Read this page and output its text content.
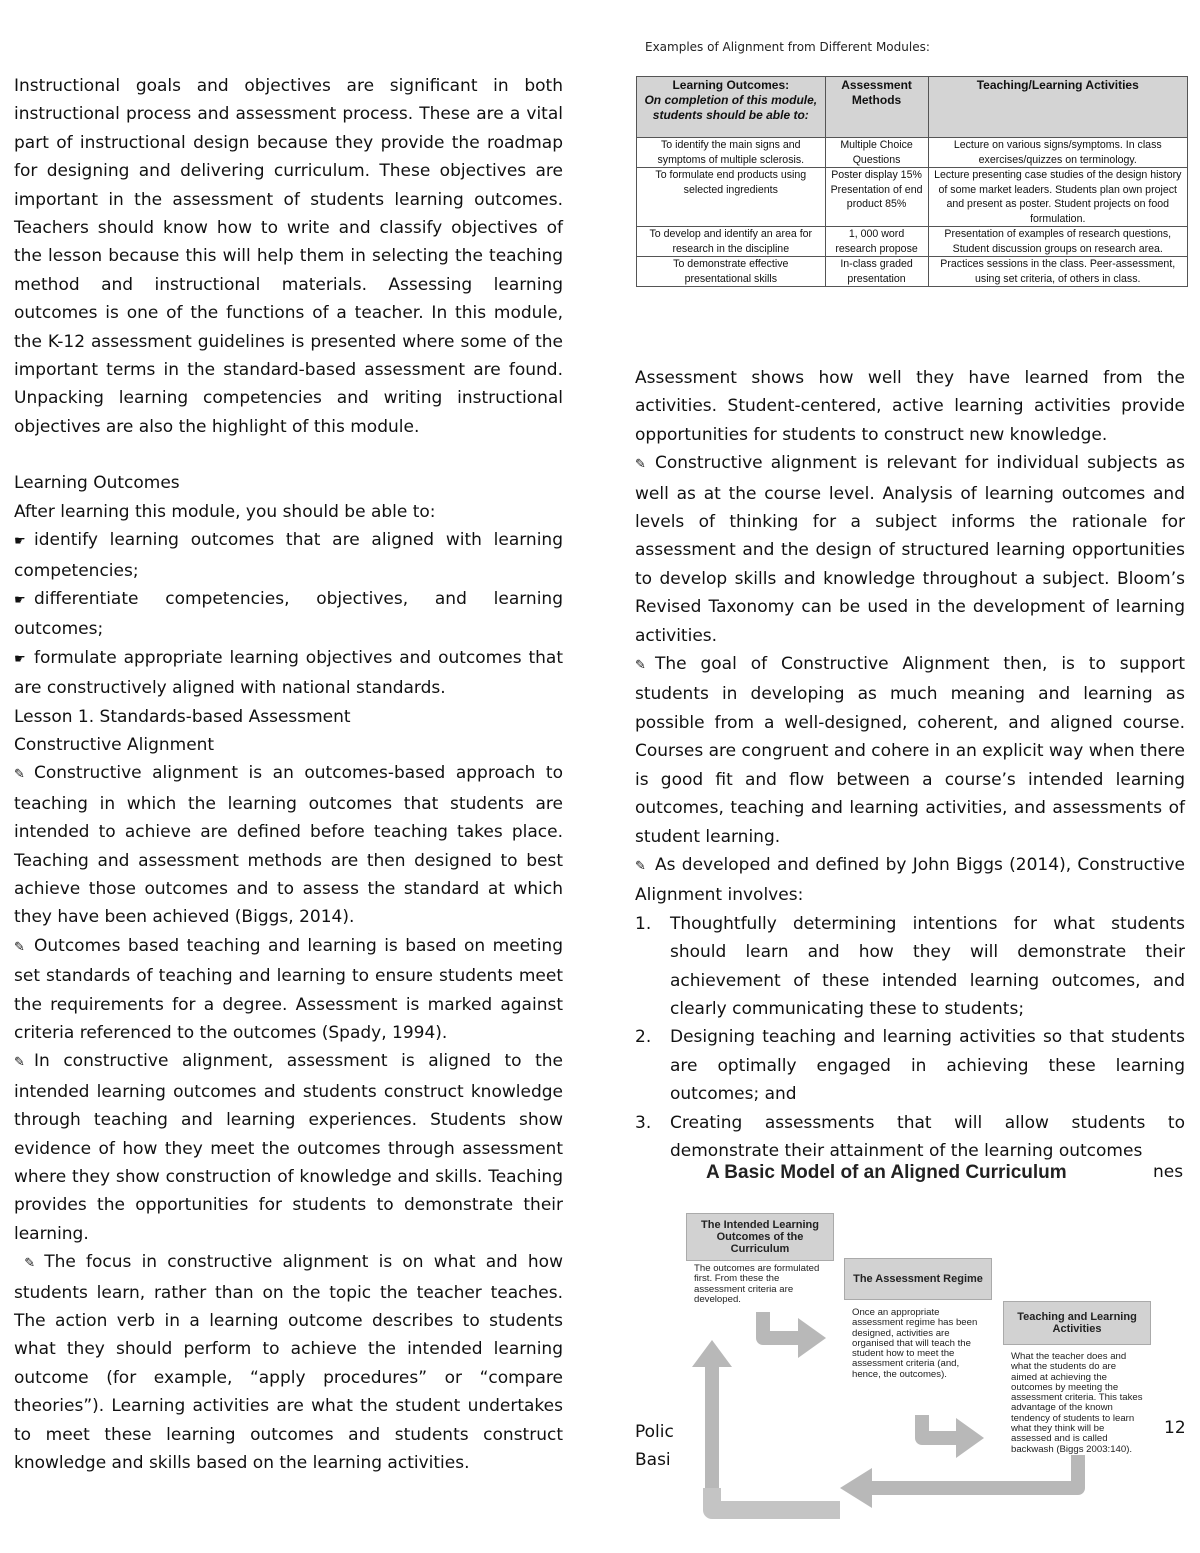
Instructional goals and objectives are significant in both instructional process and assessment process. These are a vital part of instructional design because they provide the roadmap for designing and delivering curriculum. These objectives are important in the assessment of students learning outcomes. Teachers should know how to write and classify objectives of the lesson because this will help them in selecting the teaching method and instructional materials. Assessing learning outcomes is one of the functions of a teacher. In this module, the K-12 assessment guidelines is presented where some of the important terms in the standard-based assessment are found. Unpacking learning competencies and writing instructional objectives are also the highlight of this module.

Learning Outcomes

After learning this module, you should be able to:

☛ identify learning outcomes that are aligned with learning competencies;

☛ differentiate competencies, objectives, and learning outcomes;

☛ formulate appropriate learning objectives and outcomes that are constructively aligned with national standards.

Lesson 1. Standards-based Assessment

Constructive Alignment

✎ Constructive alignment is an outcomes-based approach to teaching in which the learning outcomes that students are intended to achieve are defined before teaching takes place. Teaching and assessment methods are then designed to best achieve those outcomes and to assess the standard at which they have been achieved (Biggs, 2014).

✎ Outcomes based teaching and learning is based on meeting set standards of teaching and learning to ensure students meet the requirements for a degree. Assessment is marked against criteria referenced to the outcomes (Spady, 1994).

✎ In constructive alignment, assessment is aligned to the intended learning outcomes and students construct knowledge through teaching and learning experiences. Students show evidence of how they meet the outcomes through assessment where they show construction of knowledge and skills. Teaching provides the opportunities for students to demonstrate their learning.

✎ The focus in constructive alignment is on what and how students learn, rather than on the topic the teacher teaches. The action verb in a learning outcome describes to students what they should perform to achieve the intended learning outcome (for example, “apply procedures” or “compare theories”). Learning activities are what the student undertakes to meet these learning outcomes and students construct knowledge and skills based on the learning activities.

Examples of Alignment from Different Modules:
Learning Outcomes:
On completion of this module, students should be able to:	Assessment Methods	Teaching/Learning Activities
To identify the main signs and symptoms of multiple sclerosis.	Multiple Choice Questions	Lecture on various signs/symptoms. In class exercises/quizzes on terminology.
To formulate end products using selected ingredients	Poster display 15% Presentation of end product 85%	Lecture presenting case studies of the design history of some market leaders. Students plan own project and present as poster. Student projects on food formulation.
To develop and identify an area for research in the discipline	1, 000 word research propose	Presentation of examples of research questions, Student discussion groups on research area.
To demonstrate effective presentational skills	In-class graded presentation	Practices sessions in the class. Peer-assessment, using set criteria, of others in class.

Assessment shows how well they have learned from the activities. Student-centered, active learning activities provide opportunities for students to construct new knowledge.

✎ Constructive alignment is relevant for individual subjects as well as at the course level. Analysis of learning outcomes and levels of thinking for a subject informs the rationale for assessment and the design of structured learning opportunities to develop skills and knowledge throughout a subject. Bloom’s Revised Taxonomy can be used in the development of learning activities.

✎ The goal of Constructive Alignment then, is to support students in developing as much meaning and learning as possible from a well-designed, coherent, and aligned course. Courses are congruent and cohere in an explicit way when there is good fit and flow between a course’s intended learning outcomes, teaching and learning activities, and assessments of student learning.

✎ As developed and defined by John Biggs (2014), Constructive Alignment involves:

1.	Thoughtfully determining intentions for what students should learn and how they will demonstrate their achievement of these intended learning outcomes, and clearly communicating these to students;
2.	Designing teaching and learning activities so that students are optimally engaged in achieving these learning outcomes; and
3.	Creating assessments that will allow students to demonstrate their attainment of the learning outcomes
A Basic Model of an Aligned Curriculum	nes
The Intended Learning Outcomes of the Curriculum
The outcomes are formulated first. From these the assessment criteria are developed.
The Assessment Regime
Once an appropriate assessment regime has been designed, activities are organised that will teach the student how to meet the assessment criteria (and, hence, the outcomes).
Teaching and Learning Activities
What the teacher does and what the students do are aimed at achieving the outcomes by meeting the assessment criteria. This takes advantage of the known tendency of students to learn what they think will be assessed and is called backwash (Biggs 2003:140).
Polic
Basi
12
